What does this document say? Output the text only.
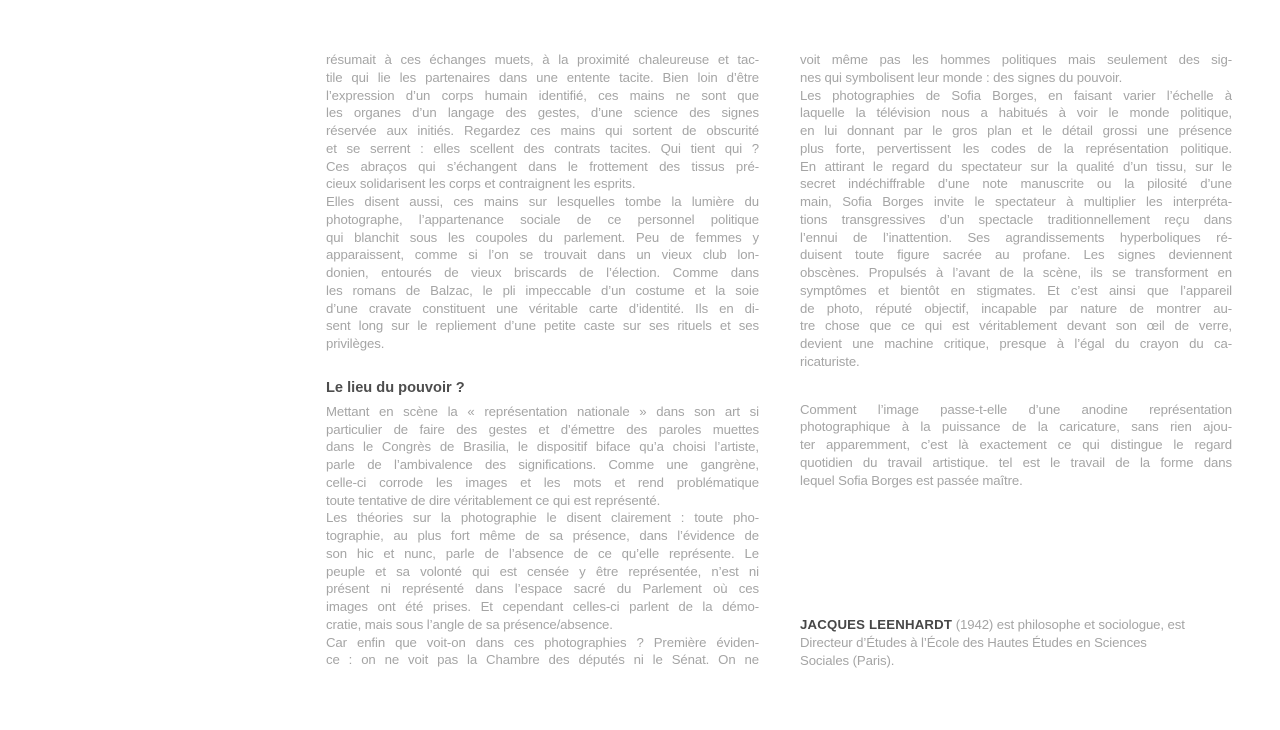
résumait à ces échanges muets, à la proximité chaleureuse et tac-
tile qui lie les partenaires dans une entente tacite. Bien loin d’être
l’expression d’un corps humain identifié, ces mains ne sont que
les organes d’un langage des gestes, d’une science des signes
réservée aux initiés. Regardez ces mains qui sortent de obscurité
et se serrent : elles scellent des contrats tacites. Qui tient qui ?
Ces abraços qui s’échangent dans le frottement des tissus pré-
cieux solidarisent les corps et contraignent les esprits.
Elles disent aussi, ces mains sur lesquelles tombe la lumière du
photographe, l’appartenance sociale de ce personnel politique
qui blanchit sous les coupoles du parlement. Peu de femmes y
apparaissent, comme si l’on se trouvait dans un vieux club lon-
donien, entourés de vieux briscards de l’élection. Comme dans
les romans de Balzac, le pli impeccable d’un costume et la soie
d’une cravate constituent une véritable carte d’identité. Ils en di-
sent long sur le repliement d’une petite caste sur ses rituels et ses
privilèges.
Le lieu du pouvoir ?
Mettant en scène la « représentation nationale » dans son art si
particulier de faire des gestes et d’émettre des paroles muettes
dans le Congrès de Brasilia, le dispositif biface qu’a choisi l’artiste,
parle de l’ambivalence des significations. Comme une gangrène,
celle-ci corrode les images et les mots et rend problématique
toute tentative de dire véritablement ce qui est représenté.
Les théories sur la photographie le disent clairement : toute pho-
tographie, au plus fort même de sa présence, dans l’évidence de
son hic et nunc, parle de l’absence de ce qu’elle représente. Le
peuple et sa volonté qui est censée y être représentée, n’est ni
présent ni représenté dans l’espace sacré du Parlement où ces
images ont été prises. Et cependant celles-ci parlent de la démo-
cratie, mais sous l’angle de sa présence/absence.
Car enfin que voit-on dans ces photographies ? Première éviden-
ce : on ne voit pas la Chambre des députés ni le Sénat. On ne
voit même pas les hommes politiques mais seulement des sig-
nes qui symbolisent leur monde : des signes du pouvoir.
Les photographies de Sofia Borges, en faisant varier l’échelle à
laquelle la télévision nous a habitués à voir le monde politique,
en lui donnant par le gros plan et le détail grossi une présence
plus forte, pervertissent les codes de la représentation politique.
En attirant le regard du spectateur sur la qualité d’un tissu, sur le
secret indéchiffrable d’une note manuscrite ou la pilosité d’une
main, Sofia Borges invite le spectateur à multiplier les interpréta-
tions transgressives d’un spectacle traditionnellement reçu dans
l’ennui de l’inattention. Ses agrandissements hyperboliques ré-
duisent toute figure sacrée au profane. Les signes deviennent
obscènes. Propulsés à l’avant de la scène, ils se transforment en
symptômes et bientôt en stigmates. Et c’est ainsi que l’appareil
de photo, réputé objectif, incapable par nature de montrer au-
tre chose que ce qui est véritablement devant son œil de verre,
devient une machine critique, presque à l’égal du crayon du ca-
ricaturiste.
Comment l’image passe-t-elle d’une anodine représentation
photographique à la puissance de la caricature, sans rien ajou-
ter apparemment, c’est là exactement ce qui distingue le regard
quotidien du travail artistique. tel est le travail de la forme dans
lequel Sofia Borges est passée maître.
JACQUES LEENHARDT (1942) est philosophe et sociologue, est
Directeur d’Études à l’École des Hautes Études en Sciences
Sociales (Paris).
